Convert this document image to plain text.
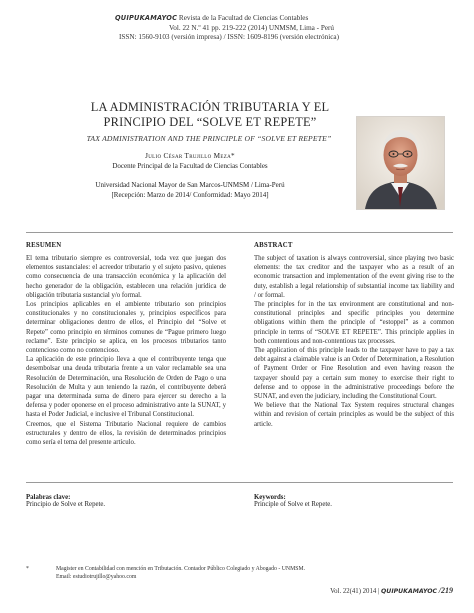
QUIPUKAMAYOC Revista de la Facultad de Ciencias Contables
Vol. 22 N.º 41 pp. 219-222 (2014) UNMSM, Lima - Perú
ISSN: 1560-9103 (versión impresa) / ISSN: 1609-8196 (versión electrónica)
LA ADMINISTRACIÓN TRIBUTARIA Y EL
PRINCIPIO DEL “SOLVE ET REPETE”
TAX ADMINISTRATION AND THE PRINCIPLE OF “SOLVE ET REPETE”
Julio César Trujillo Meza*
Docente Principal de la Facultad de Ciencias Contables
Universidad Nacional Mayor de San Marcos-UNMSM / Lima-Perú
[Recepción: Marzo de 2014/ Conformidad: Mayo 2014]
RESUMEN

El tema tributario siempre es controversial, toda vez que juegan dos elementos sustanciales: el acreedor tributario y el sujeto pasivo, quienes como consecuencia de una transacción económica y la aplicación del hecho generador de la obligación, establecen una relación jurídica de obligación tributaria sustancial y/o formal.

Los principios aplicables en el ambiente tributario son principios constitucionales y no constitucionales y, principios específicos para determinar obligaciones dentro de ellos, el Principio del “Solve et Repete” como principio en términos comunes de “Pague primero luego reclame”. Este principio se aplica, en los procesos tributarios tanto contencioso como no contencioso.

La aplicación de este principio lleva a que el contribuyente tenga que desembolsar una deuda tributaria frente a un valor reclamable sea una Resolución de Determinación, una Resolución de Orden de Pago o una Resolución de Multa y aun teniendo la razón, el contribuyente deberá pagar una determinada suma de dinero para ejercer su derecho a la defensa y poder oponerse en el proceso administrativo ante la SUNAT, y hasta el Poder Judicial, e inclusive el Tribunal Constitucional.

Creemos, que el Sistema Tributario Nacional requiere de cambios estructurales y dentro de ellos, la revisión de determinados principios como sería el tema del presente artículo.

Palabras clave:
Principio de Solve et Repete.
ABSTRACT

The subject of taxation is always controversial, since playing two basic elements: the tax creditor and the taxpayer who as a result of an economic transaction and implementation of the event giving rise to the duty, establish a legal relationship of substantial income tax liability and / or formal.

The principles for in the tax environment are constitutional and non-constitutional principles and specific principles you determine obligations within them the principle of “estoppel” as a common principle in terms of “SOLVE ET REPETE”. This principle applies in both contentious and non-contentious tax processes.

The application of this principle leads to the taxpayer have to pay a tax debt against a claimable value is an Order of Determination, a Resolution of Payment Order or Fine Resolution and even having reason the taxpayer should pay a certain sum money to exercise their right to defense and to oppose in the administrative proceedings before the SUNAT, and even the judiciary, including the Constitutional Court.

We believe that the National Tax System requires structural changes within and revision of certain principles as would be the subject of this article.

Keywords:
Principle of Solve et Repete.
*	Magister en Contabilidad con mención en Tributación. Contador Público Colegiado y Abogado - UNMSM.
Email: estudiotrujillo@yahoo.com
Vol. 22(41) 2014 | QUIPUKAMAYOC /219
